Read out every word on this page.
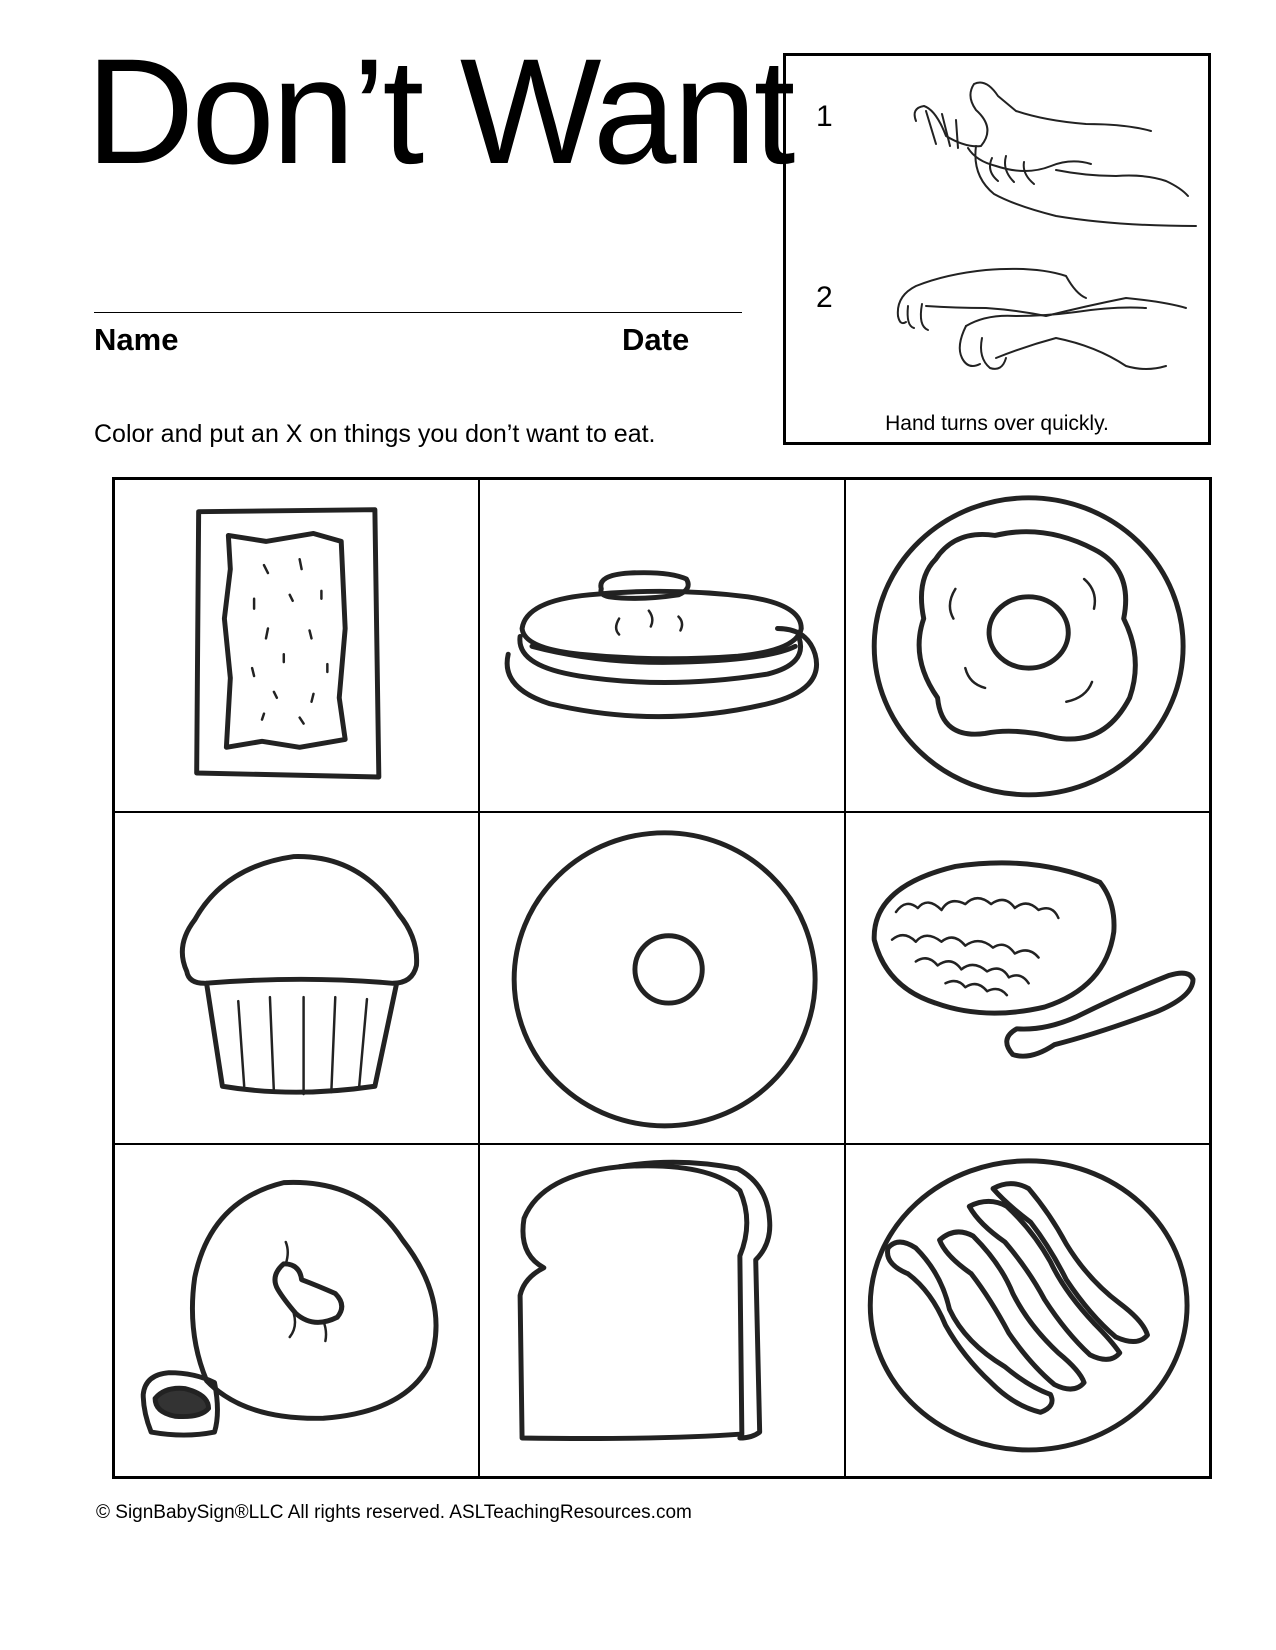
Don’t Want
Name	Date
Color and put an X on things you don’t want to eat.
1
2
Hand turns over quickly.
© SignBabySign®LLC All rights reserved. ASLTeachingResources.com
